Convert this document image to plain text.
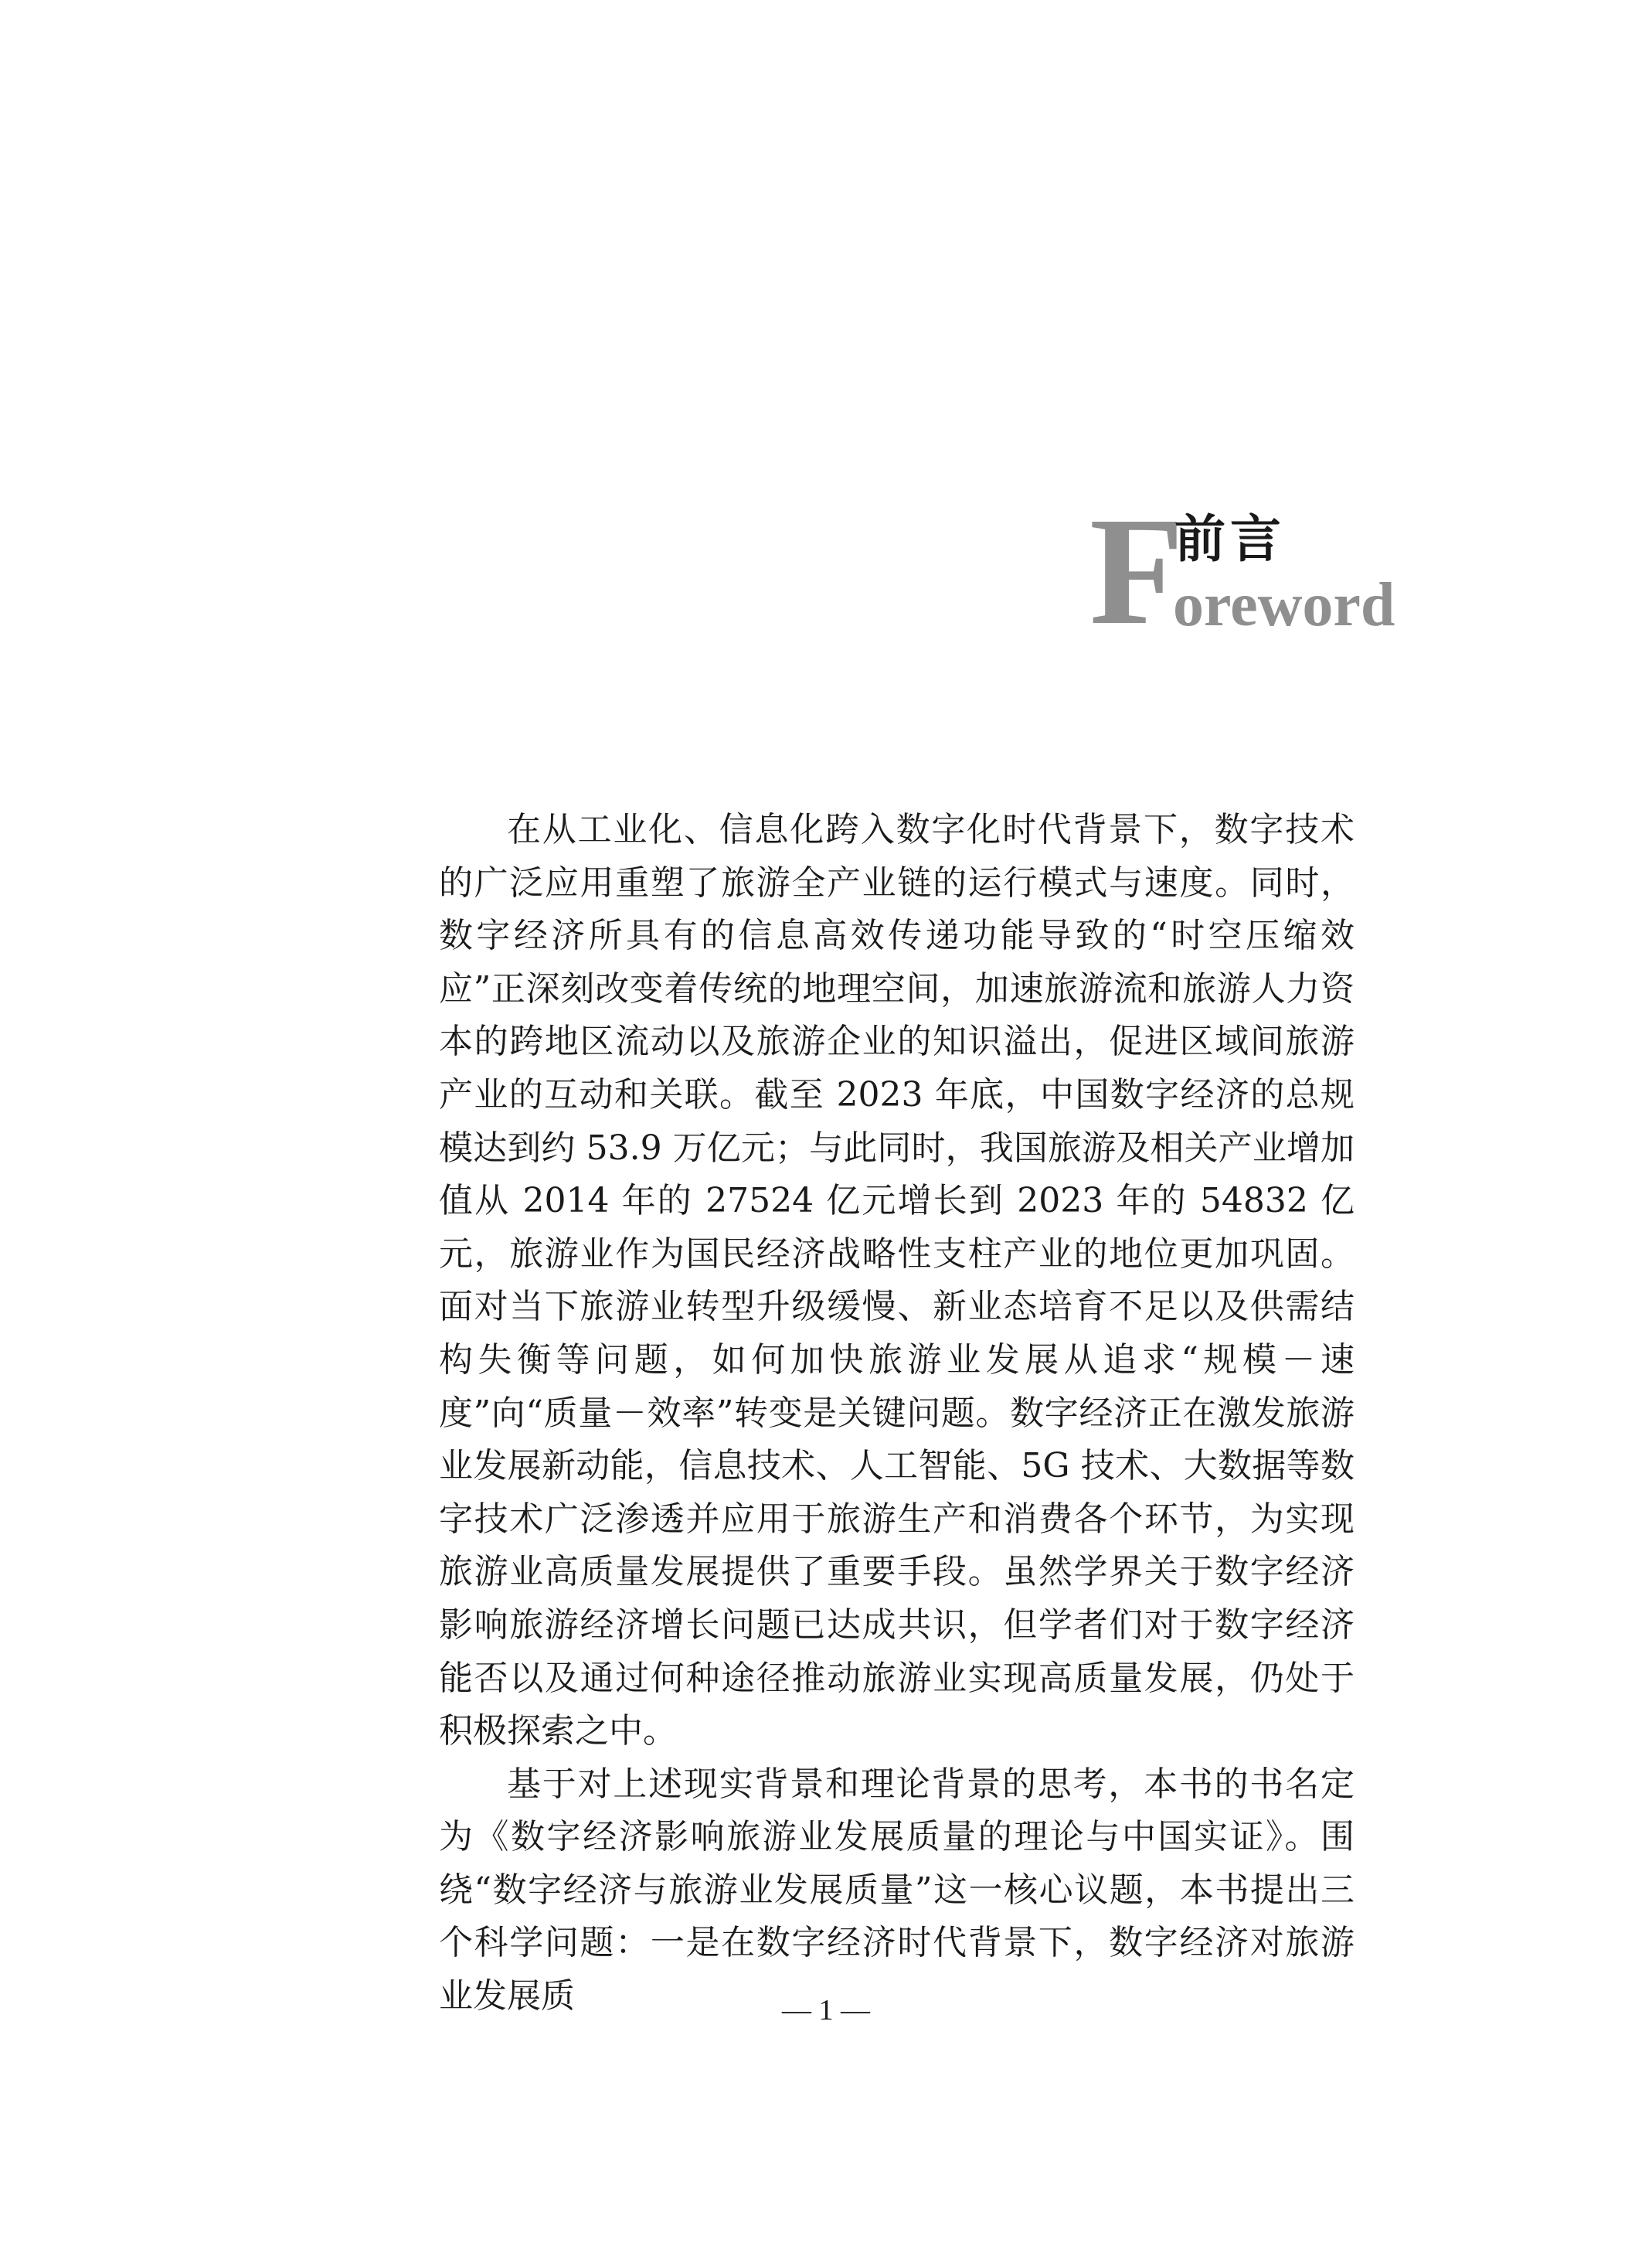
F
前言
oreword

在从工业化、信息化跨入数字化时代背景下，数字技术的广泛应用重塑了旅游全产业链的运行模式与速度。同时，数字经济所具有的信息高效传递功能导致的“时空压缩效应”正深刻改变着传统的地理空间，加速旅游流和旅游人力资本的跨地区流动以及旅游企业的知识溢出，促进区域间旅游产业的互动和关联。截至 2023 年底，中国数字经济的总规模达到约 53.9 万亿元；与此同时，我国旅游及相关产业增加值从 2014 年的 27524 亿元增长到 2023 年的 54832 亿元，旅游业作为国民经济战略性支柱产业的地位更加巩固。面对当下旅游业转型升级缓慢、新业态培育不足以及供需结构失衡等问题，如何加快旅游业发展从追求“规模－速度”向“质量－效率”转变是关键问题。数字经济正在激发旅游业发展新动能，信息技术、人工智能、5G 技术、大数据等数字技术广泛渗透并应用于旅游生产和消费各个环节，为实现旅游业高质量发展提供了重要手段。虽然学界关于数字经济影响旅游经济增长问题已达成共识，但学者们对于数字经济能否以及通过何种途径推动旅游业实现高质量发展，仍处于积极探索之中。

基于对上述现实背景和理论背景的思考，本书的书名定为《数字经济影响旅游业发展质量的理论与中国实证》。围绕“数字经济与旅游业发展质量”这一核心议题，本书提出三个科学问题：一是在数字经济时代背景下，数字经济对旅游业发展质	— 1 —
